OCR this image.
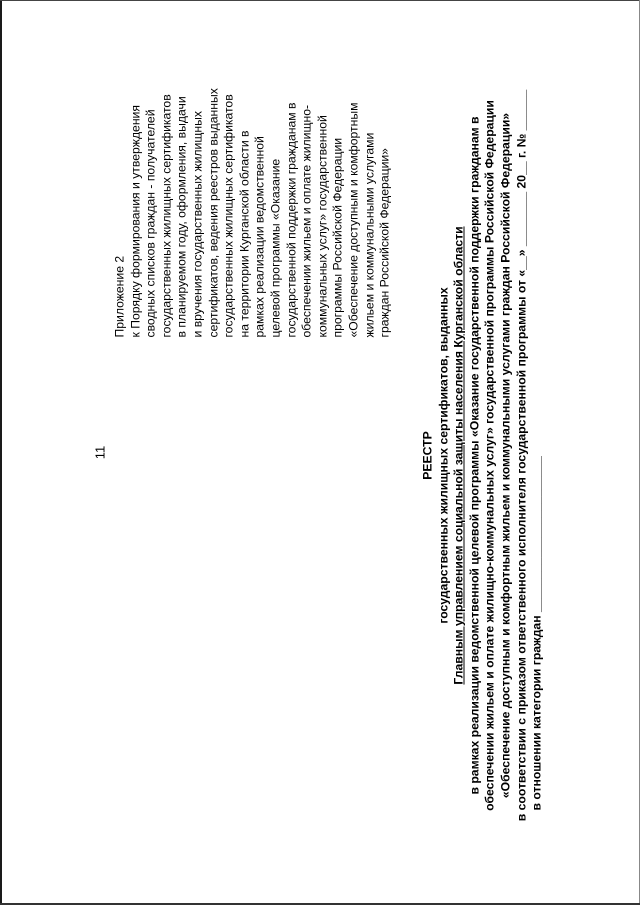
11
Приложение 2 к Порядку формирования и утверждения сводных списков граждан - получателей государственных жилищных сертификатов в планируемом году, оформления, выдачи и вручения государственных жилищных сертификатов, ведения реестров выданных государственных жилищных сертификатов на территории Курганской области в рамках реализации ведомственной целевой программы «Оказание государственной поддержки гражданам в обеспечении жильем и оплате жилищно- коммунальных услуг» государственной программы Российской Федерации «Обеспечение доступным и комфортным жильем и коммунальными услугами граждан Российской Федерации»
РЕЕСТР государственных жилищных сертификатов, выданных Главным управлением социальной защиты населения Курганской области в рамках реализации ведомственной целевой программы «Оказание государственной поддержки гражданам в обеспечении жильем и оплате жилищно-коммунальных услуг» государственной программы Российской Федерации «Обеспечение доступным и комфортным жильем и коммунальными услугами граждан Российской Федерации» в соответствии с приказом ответственного исполнителя государственной программы от «__» ________ 20__ г. № ______ в отношении категории граждан _______________________
